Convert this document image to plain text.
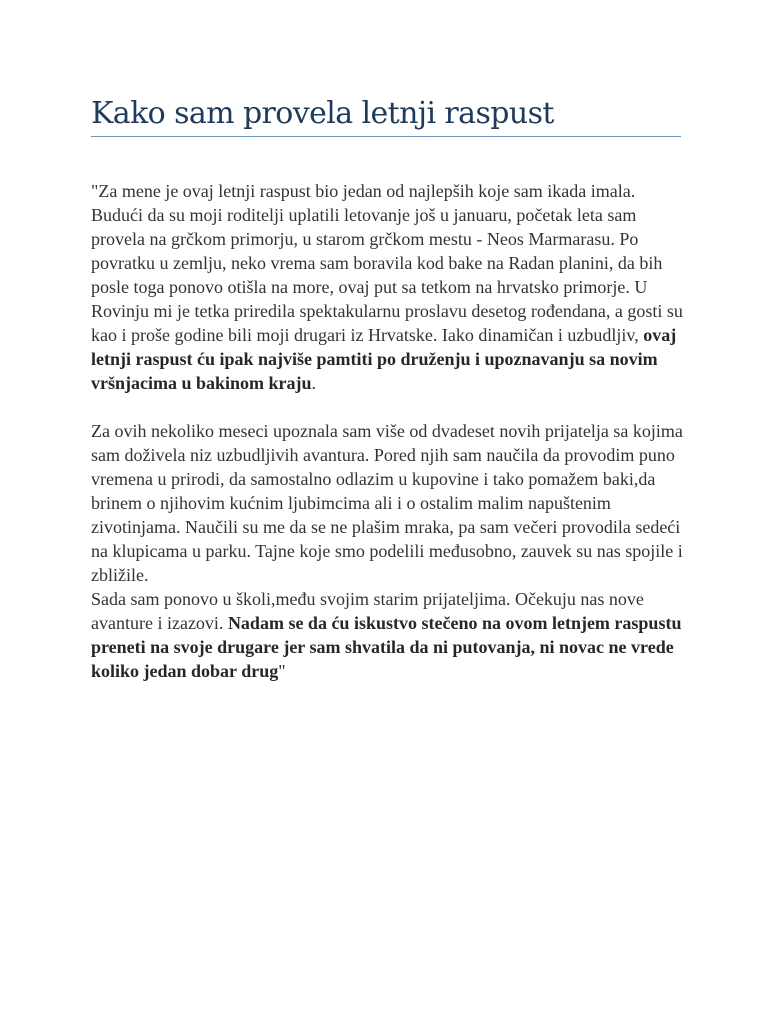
Kako sam provela letnji raspust

"Za mene je ovaj letnji raspust bio jedan od najlepših koje sam ikada imala. Budući da su moji roditelji uplatili letovanje još u januaru, početak leta sam provela na grčkom primorju, u starom grčkom mestu - Neos Marmarasu. Po povratku u zemlju, neko vrema sam boravila kod bake na Radan planini, da bih posle toga ponovo otišla na more, ovaj put sa tetkom na hrvatsko primorje. U Rovinju mi je tetka priredila spektakularnu proslavu desetog rođendana, a gosti su kao i proše godine bili moji drugari iz Hrvatske. Iako dinamičan i uzbudljiv, ovaj letnji raspust ću ipak najviše pamtiti po druženju i upoznavanju sa novim vršnjacima u bakinom kraju.

Za ovih nekoliko meseci upoznala sam više od dvadeset novih prijatelja sa kojima sam doživela niz uzbudljivih avantura. Pored njih sam naučila da provodim puno vremena u prirodi, da samostalno odlazim u kupovine i tako pomažem baki,da brinem o njihovim kućnim ljubimcima ali i o ostalim malim napuštenim zivotinjama. Naučili su me da se ne plašim mraka, pa sam večeri provodila sedeći na klupicama u parku. Tajne koje smo podelili međusobno, zauvek su nas spojile i zbližile.

Sada sam ponovo u školi,među svojim starim prijateljima. Očekuju nas nove avanture i izazovi. Nadam se da ću iskustvo stečeno na ovom letnjem raspustu preneti na svoje drugare jer sam shvatila da ni putovanja, ni novac ne vrede koliko jedan dobar drug"
